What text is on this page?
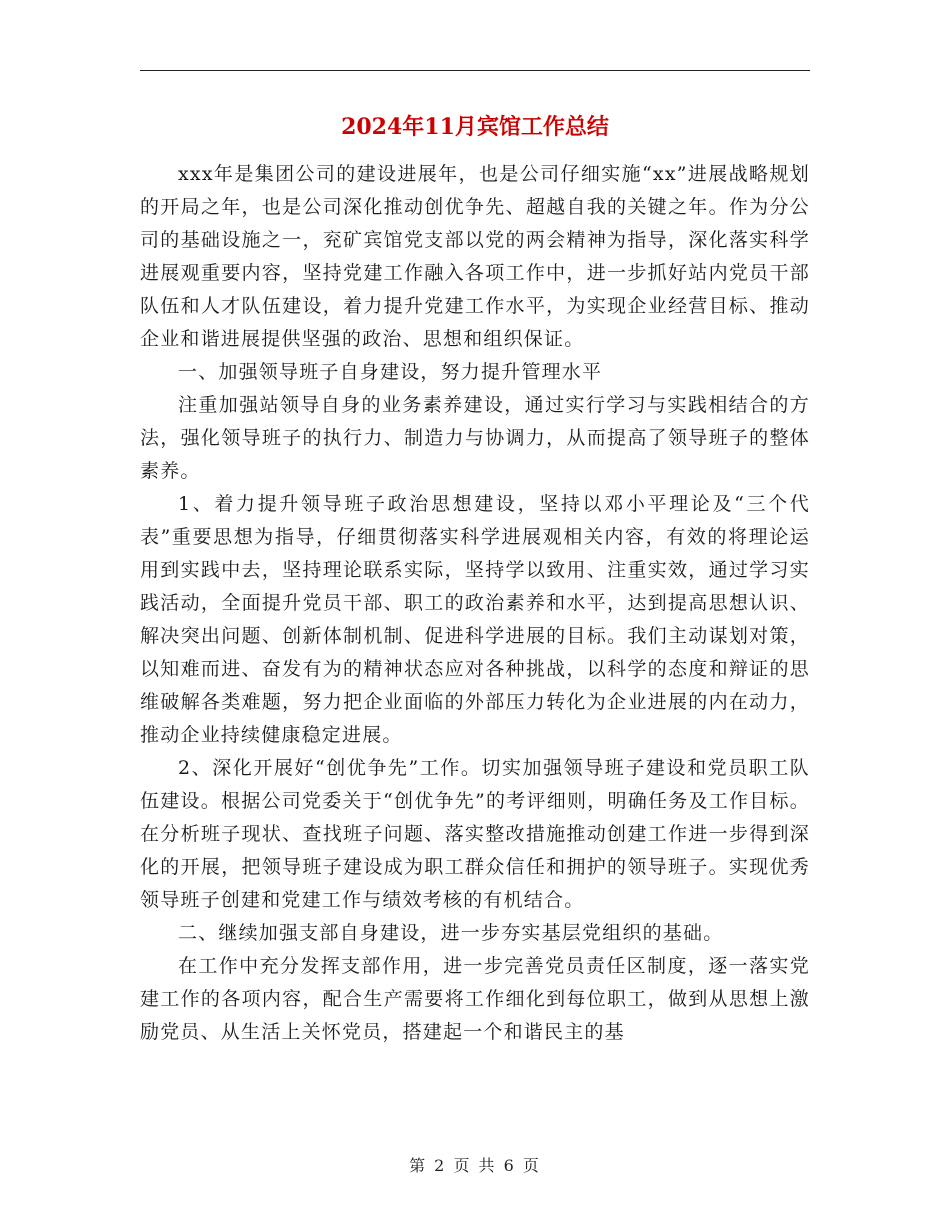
2024年11月宾馆工作总结

xxx年是集团公司的建设进展年，也是公司仔细实施“xx”进展战略规划的开局之年，也是公司深化推动创优争先、超越自我的关键之年。作为分公司的基础设施之一，兖矿宾馆党支部以党的两会精神为指导，深化落实科学进展观重要内容，坚持党建工作融入各项工作中，进一步抓好站内党员干部队伍和人才队伍建设，着力提升党建工作水平，为实现企业经营目标、推动企业和谐进展提供坚强的政治、思想和组织保证。

一、加强领导班子自身建设，努力提升管理水平

注重加强站领导自身的业务素养建设，通过实行学习与实践相结合的方法，强化领导班子的执行力、制造力与协调力，从而提高了领导班子的整体素养。

1、着力提升领导班子政治思想建设，坚持以邓小平理论及“三个代表”重要思想为指导，仔细贯彻落实科学进展观相关内容，有效的将理论运用到实践中去，坚持理论联系实际，坚持学以致用、注重实效，通过学习实践活动，全面提升党员干部、职工的政治素养和水平，达到提高思想认识、解决突出问题、创新体制机制、促进科学进展的目标。我们主动谋划对策，以知难而进、奋发有为的精神状态应对各种挑战，以科学的态度和辩证的思维破解各类难题，努力把企业面临的外部压力转化为企业进展的内在动力，推动企业持续健康稳定进展。

2、深化开展好“创优争先”工作。切实加强领导班子建设和党员职工队伍建设。根据公司党委关于“创优争先”的考评细则，明确任务及工作目标。在分析班子现状、查找班子问题、落实整改措施推动创建工作进一步得到深化的开展，把领导班子建设成为职工群众信任和拥护的领导班子。实现优秀领导班子创建和党建工作与绩效考核的有机结合。

二、继续加强支部自身建设，进一步夯实基层党组织的基础。

在工作中充分发挥支部作用，进一步完善党员责任区制度，逐一落实党建工作的各项内容，配合生产需要将工作细化到每位职工，做到从思想上激励党员、从生活上关怀党员，搭建起一个和谐民主的基

第 2 页 共 6 页
